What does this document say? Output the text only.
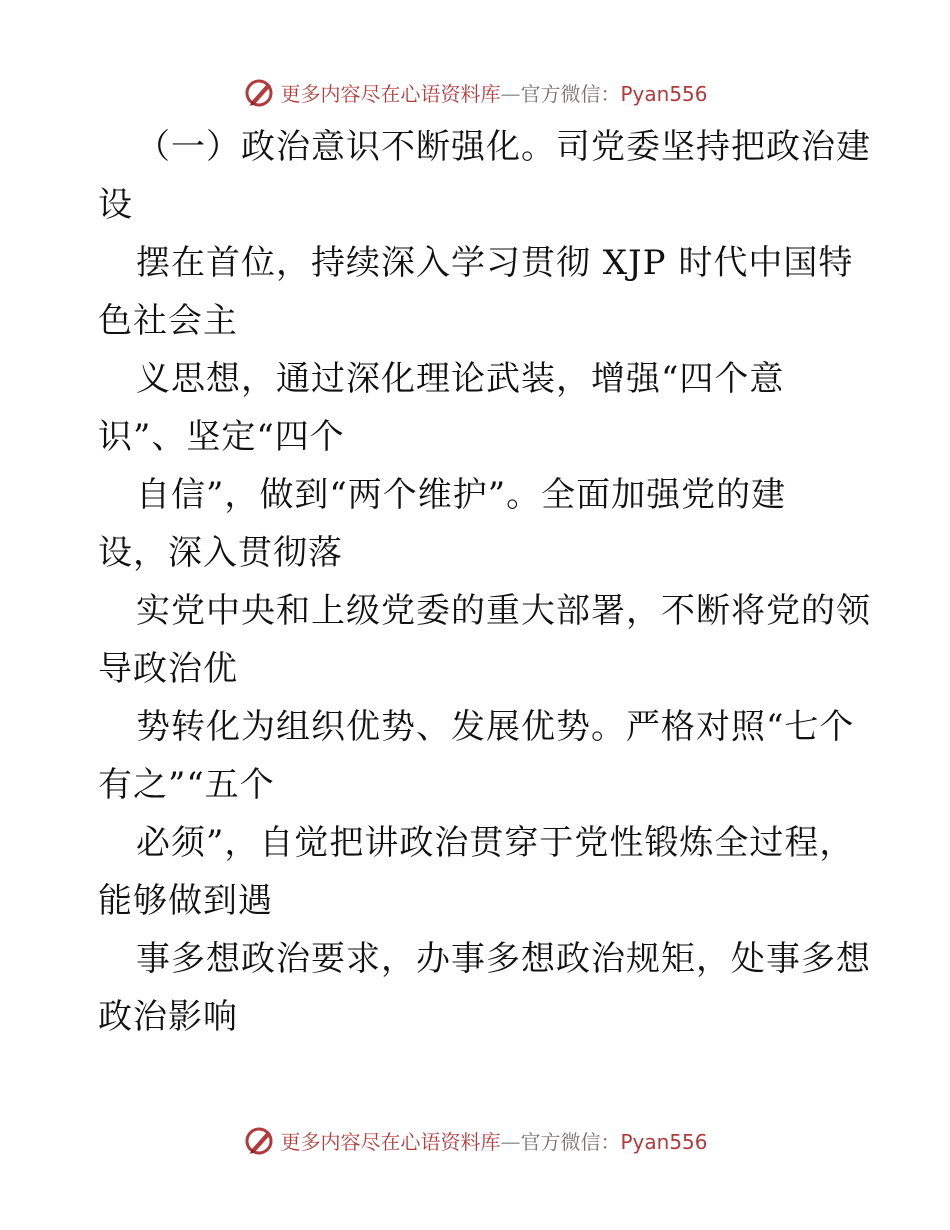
更多内容尽在心语资料库—官方微信：Pyan556
（一）政治意识不断强化。司党委坚持把政治建
设
摆在首位，持续深入学习贯彻 XJP 时代中国特
色社会主
义思想，通过深化理论武装，增强“四个意
识”、坚定“四个
自信”，做到“两个维护”。全面加强党的建
设，深入贯彻落
实党中央和上级党委的重大部署，不断将党的领
导政治优
势转化为组织优势、发展优势。严格对照“七个
有之”“五个
必须”，自觉把讲政治贯穿于党性锻炼全过程，
能够做到遇
事多想政治要求，办事多想政治规矩，处事多想
政治影响
更多内容尽在心语资料库—官方微信：Pyan556
